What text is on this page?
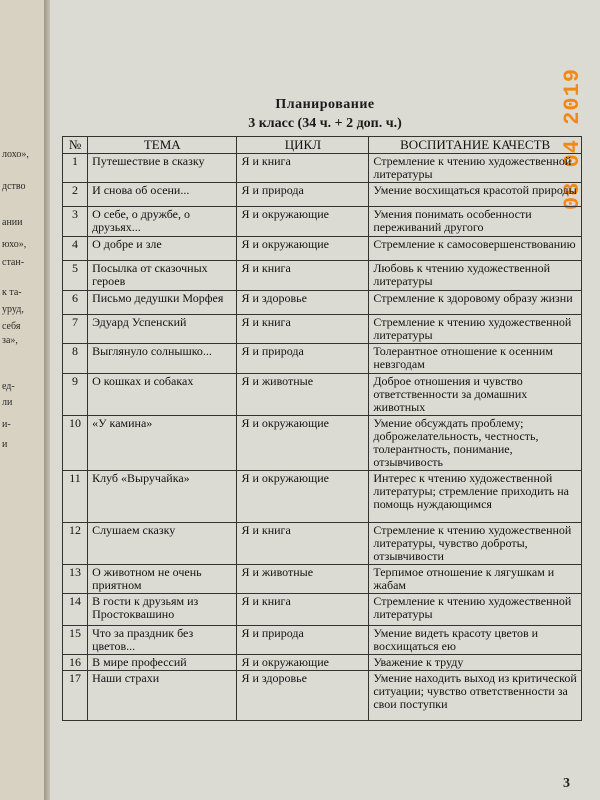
лохо»,
дство
ании
юхо»,
стан-
к та-
уруд,
себя
за»,
ед-
ли
и-
и
08 04 2019
Планирование
3 класс (34 ч. + 2 доп. ч.)
№	ТЕМА	ЦИКЛ	ВОСПИТАНИЕ КАЧЕСТВ
1	Путешествие в сказку	Я и книга	Стремление к чтению художественной литературы
2	И снова об осени...	Я и природа	Умение восхищаться красотой природы
3	О себе, о дружбе, о друзьях...	Я и окружающие	Умения понимать особенности переживаний другого
4	О добре и зле	Я и окружающие	Стремление к самосовершенствованию
5	Посылка от сказочных героев	Я и книга	Любовь к чтению художественной литературы
6	Письмо дедушки Морфея	Я и здоровье	Стремление к здоровому образу жизни
7	Эдуард Успенский	Я и книга	Стремление к чтению художественной литературы
8	Выглянуло солнышко...	Я и природа	Толерантное отношение к осенним невзгодам
9	О кошках и собаках	Я и животные	Доброе отношения и чувство ответственности за домашних животных
10	«У камина»	Я и окружающие	Умение обсуждать проблему; доброжелательность, честность, толерантность, понимание, отзывчивость
11	Клуб «Выручайка»	Я и окружающие	Интерес к чтению художественной литературы; стремление приходить на помощь нуждающимся
12	Слушаем сказку	Я и книга	Стремление к чтению художественной литературы, чувство доброты, отзывчивости
13	О животном не очень приятном	Я и животные	Терпимое отношение к лягушкам и жабам
14	В гости к друзьям из Простоквашино	Я и книга	Стремление к чтению художественной литературы
15	Что за праздник без цветов...	Я и природа	Умение видеть красоту цветов и восхищаться ею
16	В мире профессий	Я и окружающие	Уважение к труду
17	Наши страхи	Я и здоровье	Умение находить выход из критической ситуации; чувство ответственности за свои поступки
3
